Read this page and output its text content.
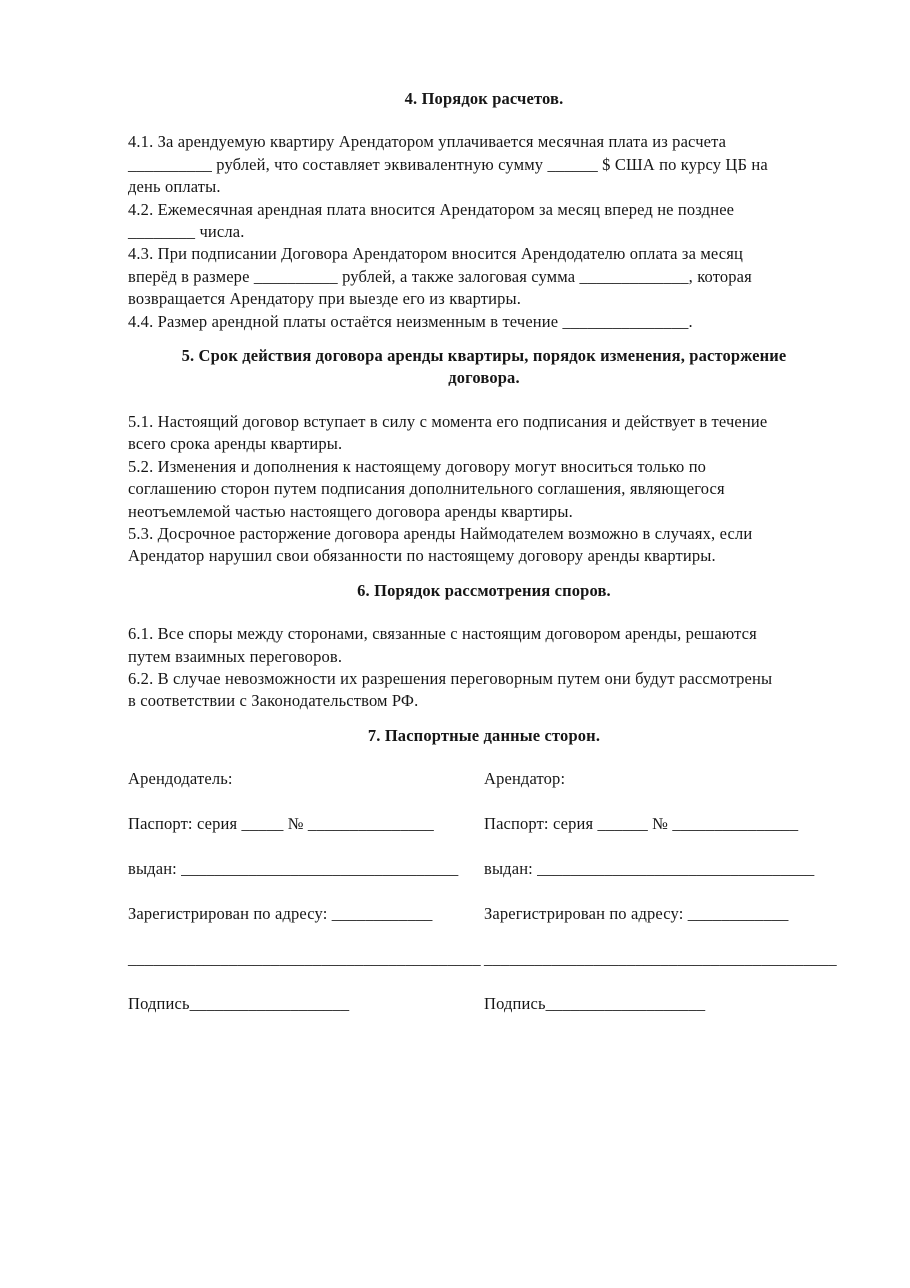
4. Порядок расчетов.
4.1. За арендуемую квартиру Арендатором уплачивается месячная плата из расчета
__________ рублей, что составляет эквивалентную сумму ______ $ США по курсу ЦБ на
день оплаты.
4.2. Ежемесячная арендная плата вносится Арендатором за месяц вперед не позднее
________ числа.
4.3. При подписании Договора Арендатором вносится Арендодателю оплата за месяц
вперёд в размере __________ рублей, а также залоговая сумма _____________, которая
возвращается Арендатору при выезде его из квартиры.
4.4. Размер арендной платы остаётся неизменным в течение _______________.
5. Срок действия договора аренды квартиры, порядок изменения, расторжение
договора.
5.1. Настоящий договор вступает в силу с момента его подписания и действует в течение
всего срока аренды квартиры.
5.2. Изменения и дополнения к настоящему договору могут вноситься только по
соглашению сторон путем подписания дополнительного соглашения, являющегося
неотъемлемой частью настоящего договора аренды квартиры.
5.3. Досрочное расторжение договора аренды Наймодателем возможно в случаях, если
Арендатор нарушил свои обязанности по настоящему договору аренды квартиры.
6. Порядок рассмотрения споров.
6.1. Все споры между сторонами, связанные с настоящим договором аренды, решаются
путем взаимных переговоров.
6.2. В случае невозможности их разрешения переговорным путем они будут рассмотрены
в соответствии с Законодательством РФ.
7. Паспортные данные сторон.
Арендодатель:
Паспорт: серия _____ № _______________
выдан: _________________________________
Зарегистрирован по адресу: ____________
__________________________________________
Подпись___________________
Арендатор:
Паспорт: серия ______ № _______________
выдан: _________________________________
Зарегистрирован по адресу: ____________
__________________________________________
Подпись___________________
